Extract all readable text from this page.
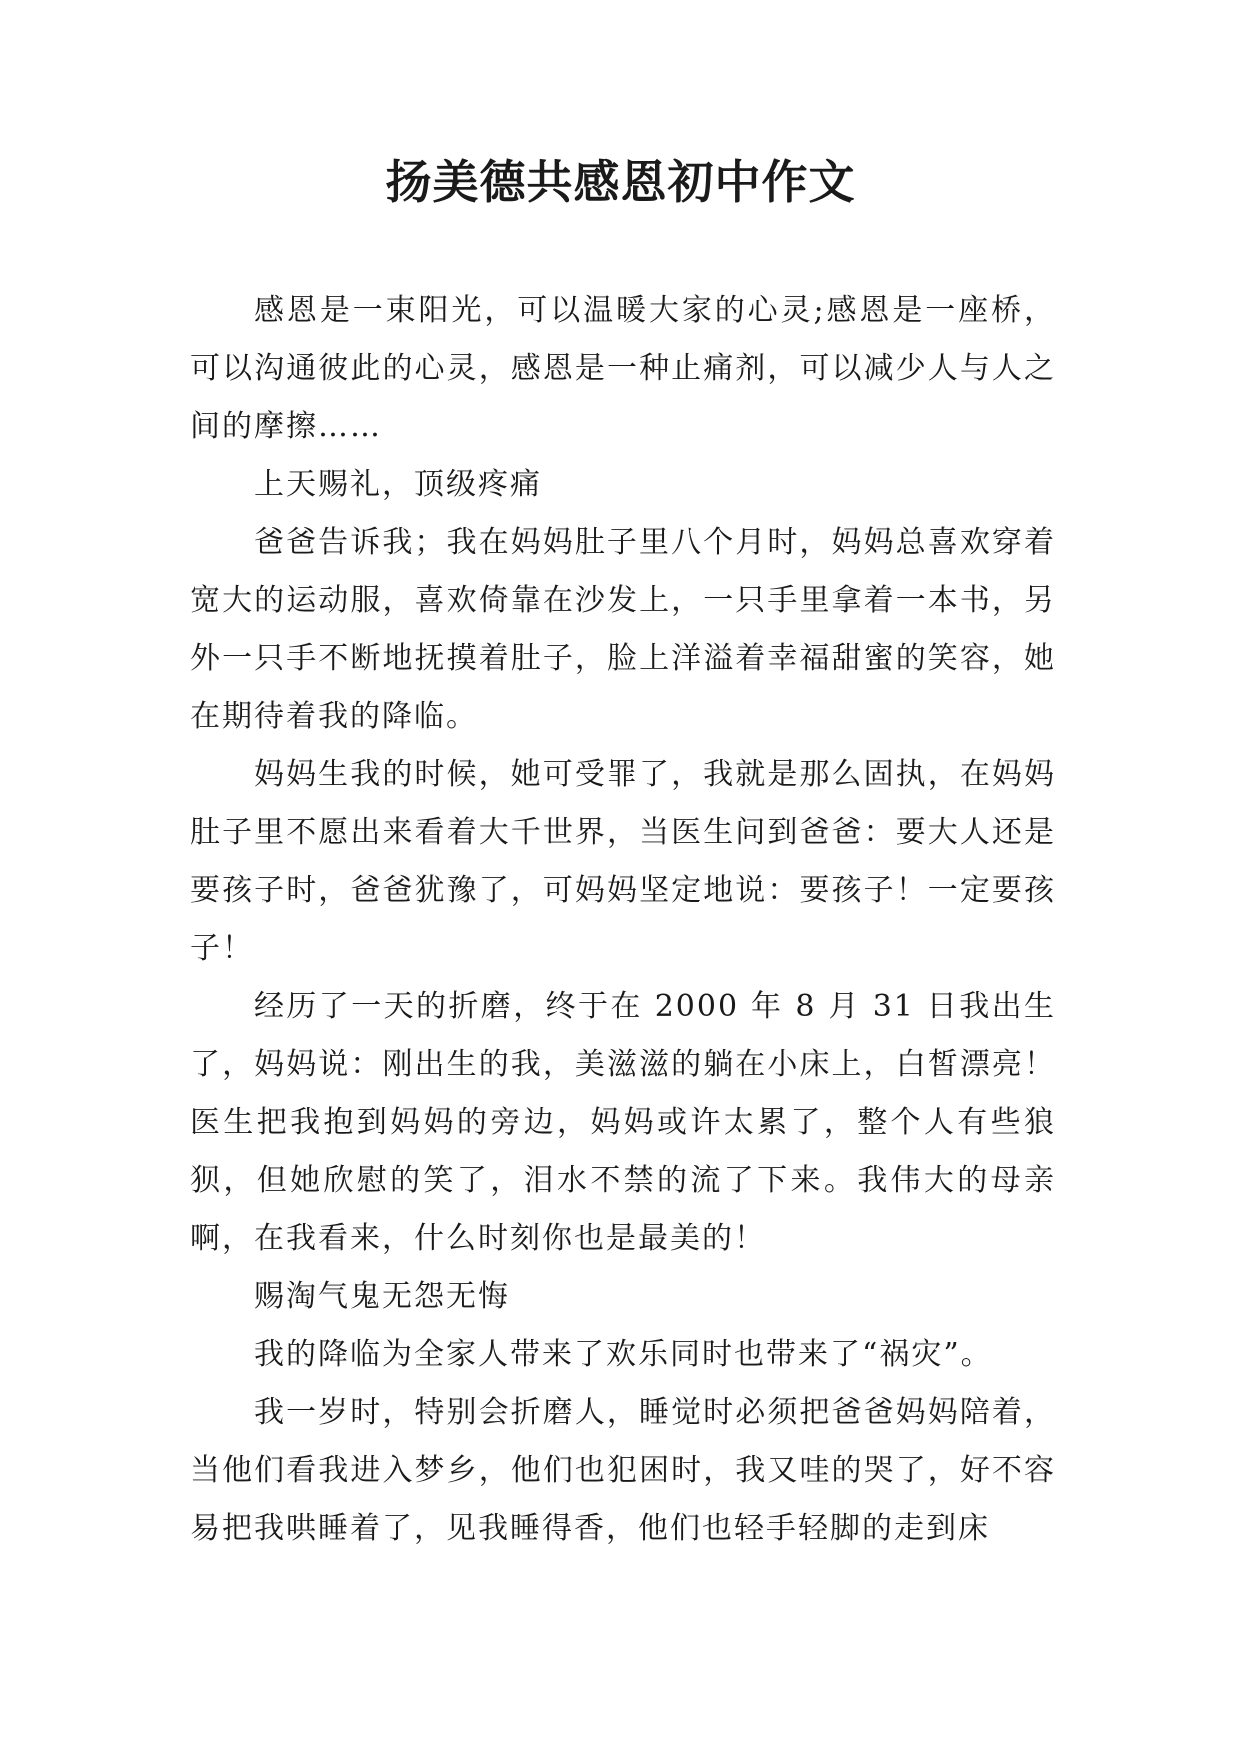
扬美德共感恩初中作文

感恩是一束阳光，可以温暖大家的心灵;感恩是一座桥，可以沟通彼此的心灵，感恩是一种止痛剂，可以减少人与人之间的摩擦……

上天赐礼，顶级疼痛

爸爸告诉我；我在妈妈肚子里八个月时，妈妈总喜欢穿着宽大的运动服，喜欢倚靠在沙发上，一只手里拿着一本书，另外一只手不断地抚摸着肚子，脸上洋溢着幸福甜蜜的笑容，她在期待着我的降临。

妈妈生我的时候，她可受罪了，我就是那么固执，在妈妈肚子里不愿出来看着大千世界，当医生问到爸爸：要大人还是要孩子时，爸爸犹豫了，可妈妈坚定地说：要孩子！一定要孩子！

经历了一天的折磨，终于在 2000 年 8 月 31 日我出生了，妈妈说：刚出生的我，美滋滋的躺在小床上，白皙漂亮！医生把我抱到妈妈的旁边，妈妈或许太累了，整个人有些狼狈，但她欣慰的笑了，泪水不禁的流了下来。我伟大的母亲啊，在我看来，什么时刻你也是最美的！

赐淘气鬼无怨无悔

我的降临为全家人带来了欢乐同时也带来了“祸灾”。

我一岁时，特别会折磨人，睡觉时必须把爸爸妈妈陪着，当他们看我进入梦乡，他们也犯困时，我又哇的哭了，好不容易把我哄睡着了，见我睡得香，他们也轻手轻脚的走到床
